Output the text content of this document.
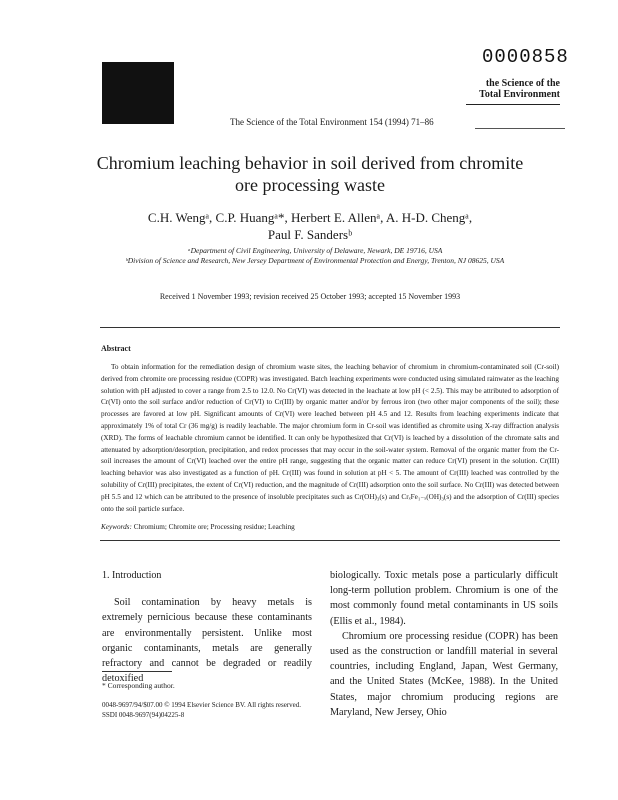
0000858
the Science of the
Total Environment
The Science of the Total Environment 154 (1994) 71–86
Chromium leaching behavior in soil derived from chromite
ore processing waste
C.H. Wengᵃ, C.P. Huangᵃ*, Herbert E. Allenᵃ, A. H-D. Chengᵃ,
Paul F. Sandersᵇ
ᵃDepartment of Civil Engineering, University of Delaware, Newark, DE 19716, USA
ᵇDivision of Science and Research, New Jersey Department of Environmental Protection and Energy, Trenton, NJ 08625, USA
Received 1 November 1993; revision received 25 October 1993; accepted 15 November 1993
Abstract
To obtain information for the remediation design of chromium waste sites, the leaching behavior of chromium in chromium-contaminated soil (Cr-soil) derived from chromite ore processing residue (COPR) was investigated. Batch leaching experiments were conducted using simulated rainwater as the leaching solution with pH adjusted to cover a range from 2.5 to 12.0. No Cr(VI) was detected in the leachate at low pH (< 2.5). This may be attributed to adsorption of Cr(VI) onto the soil surface and/or reduction of Cr(VI) to Cr(III) by organic matter and/or by ferrous iron (two other major components of the soil); these processes are favored at low pH. Significant amounts of Cr(VI) were leached between pH 4.5 and 12. Results from leaching experiments indicate that approximately 1% of total Cr (36 mg/g) is readily leachable. The major chromium form in Cr-soil was identified as chromite using X-ray diffraction analysis (XRD). The forms of leachable chromium cannot be identified. It can only be hypothesized that Cr(VI) is leached by a dissolution of the chromate salts and attenuated by adsorption/desorption, precipitation, and redox processes that may occur in the soil-water system. Removal of the organic matter from the Cr-soil increases the amount of Cr(VI) leached over the entire pH range, suggesting that the organic matter can reduce Cr(VI) present in the solution. Cr(III) leaching behavior was also investigated as a function of pH. Cr(III) was found in solution at pH < 5. The amount of Cr(III) leached was controlled by the solubility of Cr(III) precipitates, the extent of Cr(VI) reduction, and the magnitude of Cr(III) adsorption onto the soil surface. No Cr(III) was detected between pH 5.5 and 12 which can be attributed to the presence of insoluble precipitates such as Cr(OH)₃(s) and CrₓFe₁₋ₓ(OH)₃(s) and the adsorption of Cr(III) species onto the soil particle surface.
Keywords: Chromium; Chromite ore; Processing residue; Leaching
1. Introduction

Soil contamination by heavy metals is extremely pernicious because these contaminants are environmentally persistent. Unlike most organic contaminants, metals are generally refractory and cannot be degraded or readily detoxified

biologically. Toxic metals pose a particularly difficult long-term pollution problem. Chromium is one of the most commonly found metal contaminants in US soils (Ellis et al., 1984).

Chromium ore processing residue (COPR) has been used as the construction or landfill material in several countries, including England, Japan, West Germany, and the United States (McKee, 1988). In the United States, major chromium producing regions are Maryland, New Jersey, Ohio

* Corresponding author.
0048-9697/94/$07.00 © 1994 Elsevier Science BV. All rights reserved.
SSDI 0048-9697(94)04225-8
